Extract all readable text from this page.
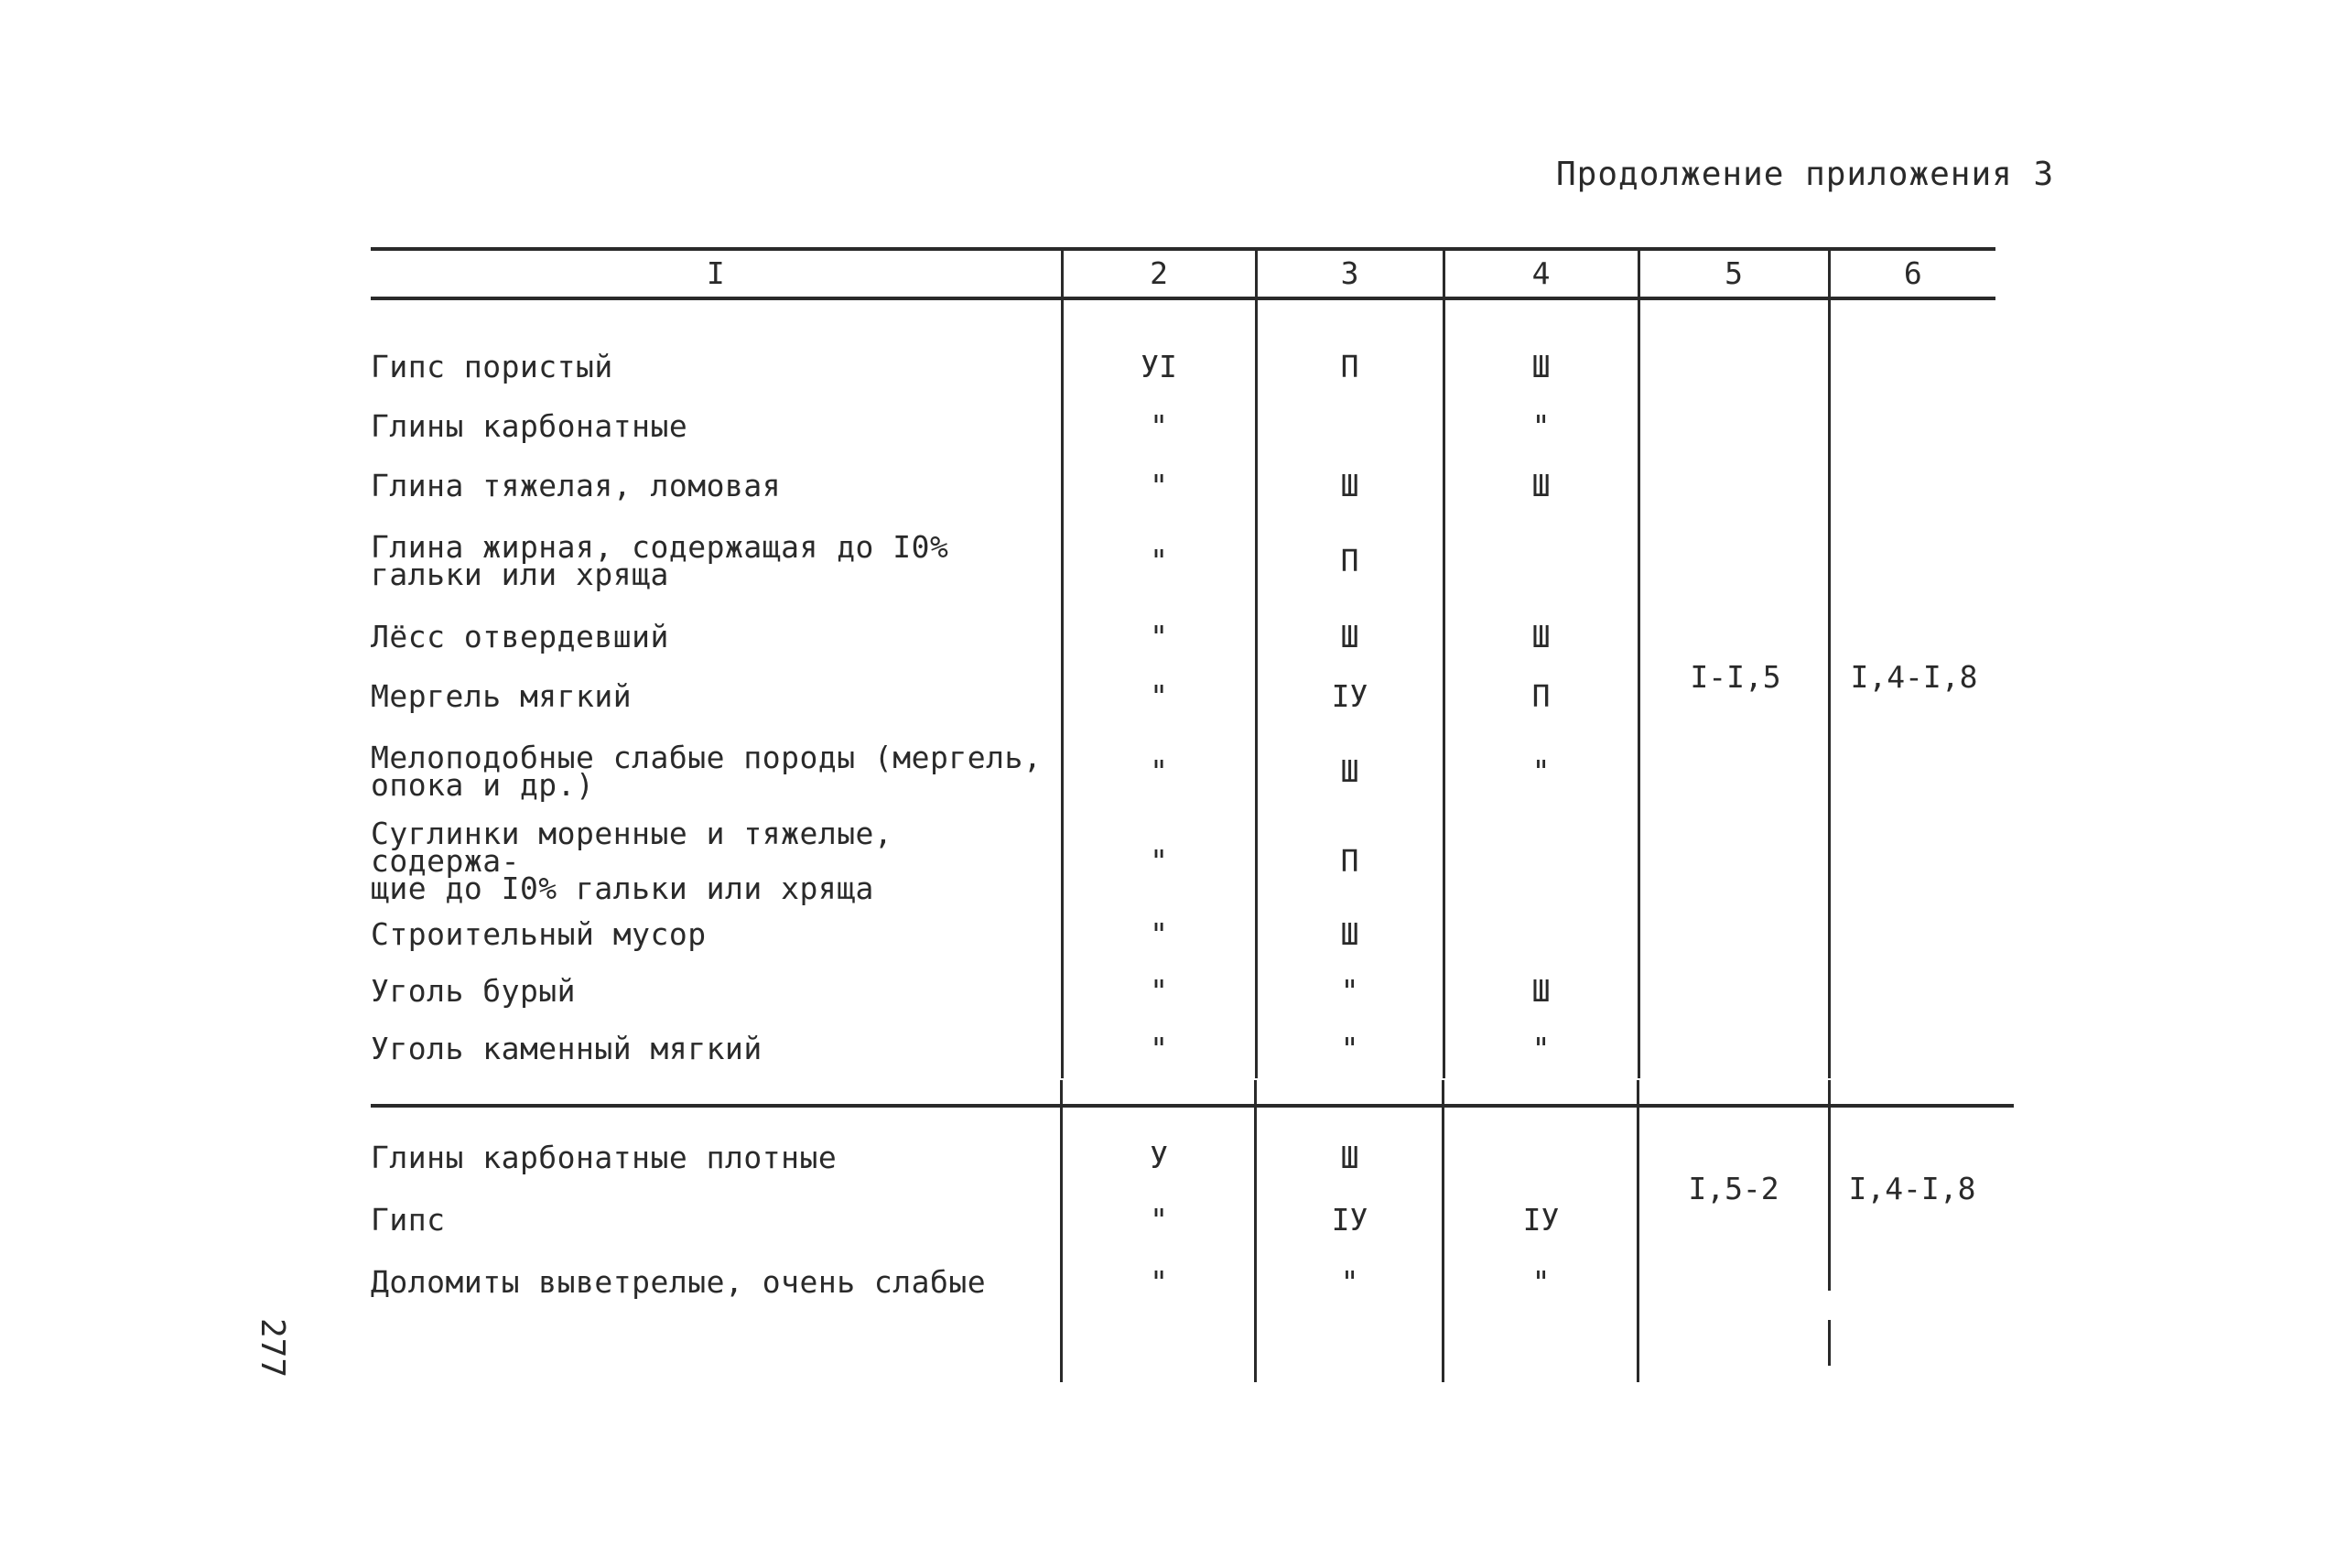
Продолжение приложения 3
I	2	3	4	5	6

Гипс пористый	УI	П	Ш		

Глины карбонатные	"		"		

Глина тяжелая, ломовая	"	Ш	Ш		

Глина жирная, содержащая до I0%
гальки или хряща	"	П			

Лёсс отвердевший	"	Ш	Ш		

Мергель мягкий	"	IУ	П		

Мелоподобные слабые породы (мергель,
опока и др.)	"	Ш	"		

Суглинки моренные и тяжелые, содержа-
щие до I0% гальки или хряща	"	П			

Строительный мусор	"	Ш			

Уголь бурый	"	"	Ш		

Уголь каменный мягкий	"	"	"		
I-I,5	I,4-I,8
Глины карбонатные плотные	У	Ш
Гипс	"	IУ	IУ
Доломиты выветрелые, очень слабые	"	"	"
I,5-2	I,4-I,8
277
